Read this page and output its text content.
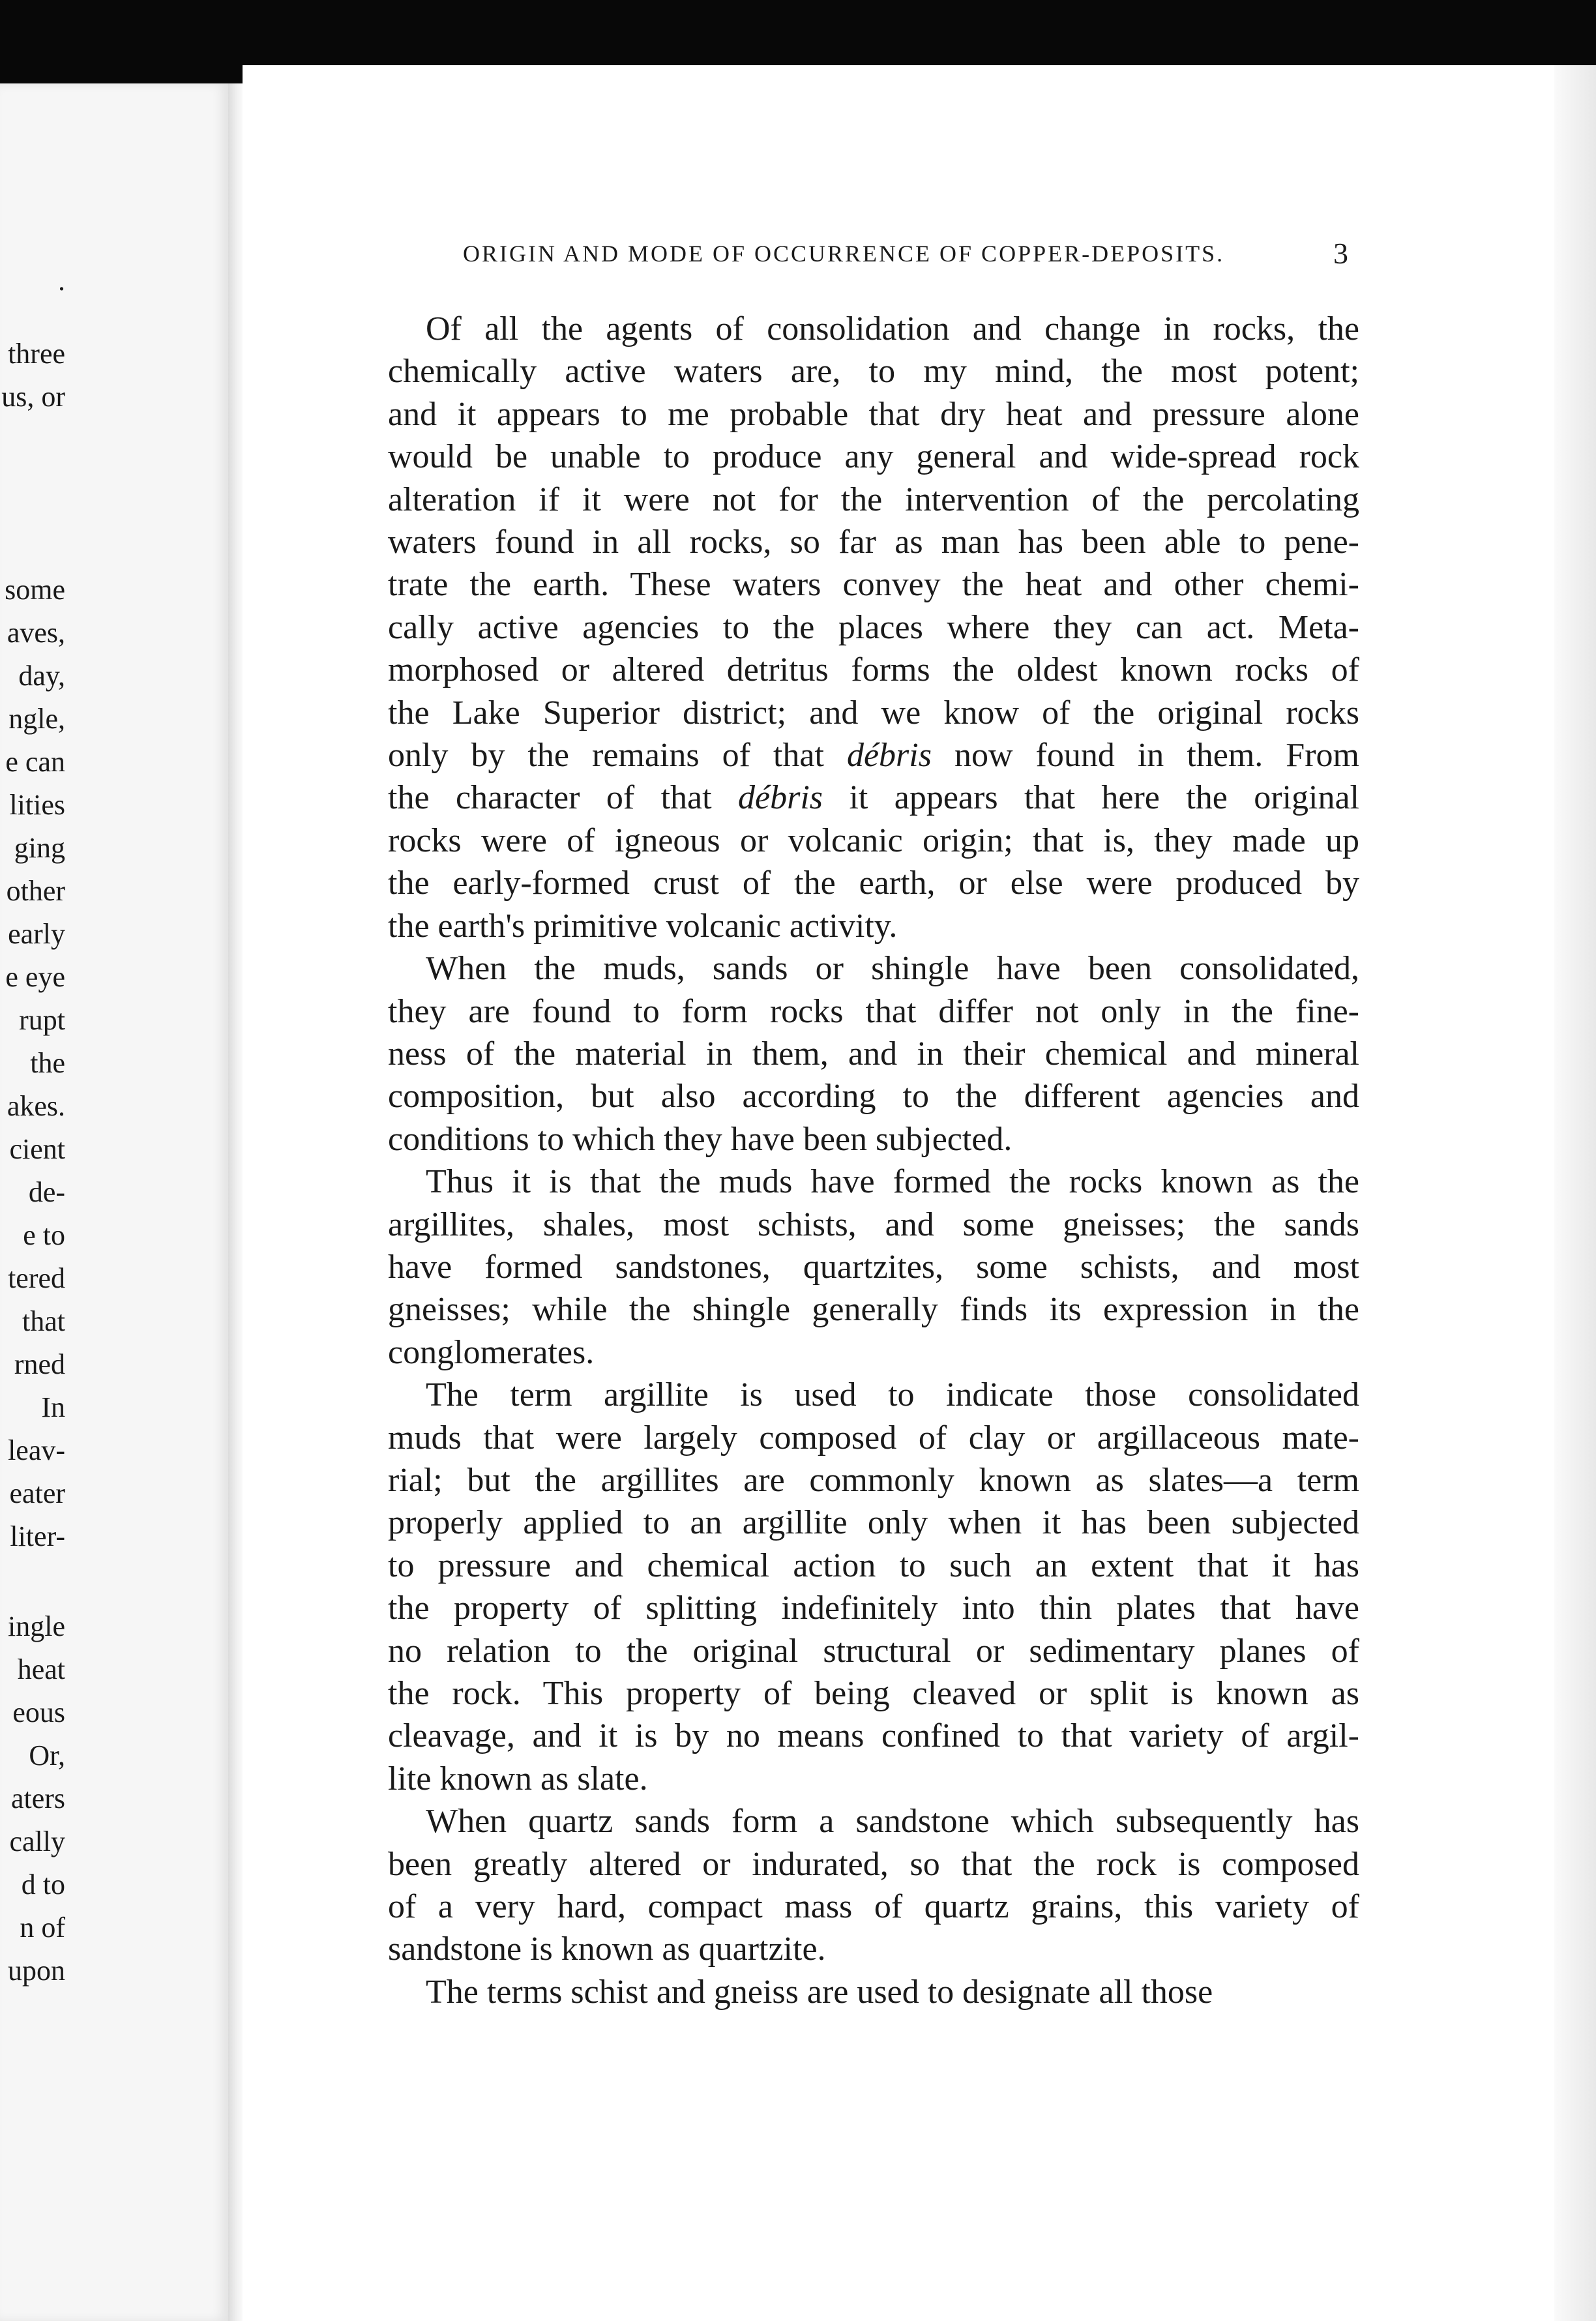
.
three
us, or
some
aves,
day,
ngle,
e can
lities
ging
other
early
e eye
rupt
the
akes.
cient
de-
e to
tered
that
rned
In
leav-
eater
liter-
ingle
heat
eous
Or,
aters
cally
d to
n of
upon
ORIGIN AND MODE OF OCCURRENCE OF COPPER-DEPOSITS.	3
Of all the agents of consolidation and change in rocks, the
chemically active waters are, to my mind, the most potent;
and it appears to me probable that dry heat and pressure alone
would be unable to produce any general and wide-spread rock
alteration if it were not for the intervention of the percolating
waters found in all rocks, so far as man has been able to pene-
trate the earth. These waters convey the heat and other chemi-
cally active agencies to the places where they can act. Meta-
morphosed or altered detritus forms the oldest known rocks of
the Lake Superior district; and we know of the original rocks
only by the remains of that débris now found in them. From
the character of that débris it appears that here the original
rocks were of igneous or volcanic origin; that is, they made up
the early-formed crust of the earth, or else were produced by
the earth's primitive volcanic activity.
When the muds, sands or shingle have been consolidated,
they are found to form rocks that differ not only in the fine-
ness of the material in them, and in their chemical and mineral
composition, but also according to the different agencies and
conditions to which they have been subjected.
Thus it is that the muds have formed the rocks known as the
argillites, shales, most schists, and some gneisses; the sands
have formed sandstones, quartzites, some schists, and most
gneisses; while the shingle generally finds its expression in the
conglomerates.
The term argillite is used to indicate those consolidated
muds that were largely composed of clay or argillaceous mate-
rial; but the argillites are commonly known as slates—a term
properly applied to an argillite only when it has been subjected
to pressure and chemical action to such an extent that it has
the property of splitting indefinitely into thin plates that have
no relation to the original structural or sedimentary planes of
the rock. This property of being cleaved or split is known as
cleavage, and it is by no means confined to that variety of argil-
lite known as slate.
When quartz sands form a sandstone which subsequently has
been greatly altered or indurated, so that the rock is composed
of a very hard, compact mass of quartz grains, this variety of
sandstone is known as quartzite.
The terms schist and gneiss are used to designate all those
